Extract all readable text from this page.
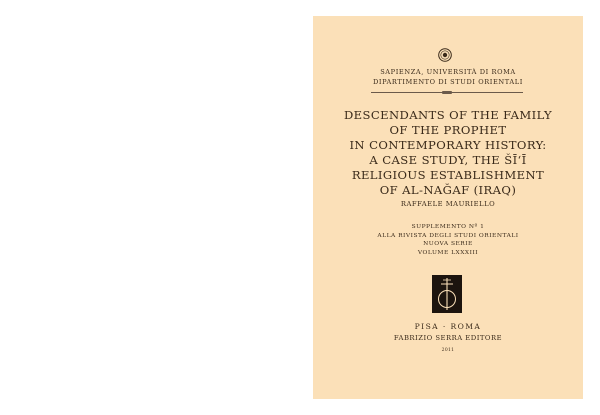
SAPIENZA, UNIVERSITÀ DI ROMA
DIPARTIMENTO DI STUDI ORIENTALI
DESCENDANTS OF THE FAMILY
OF THE PROPHET
IN CONTEMPORARY HISTORY:
A CASE STUDY, THE ŠĪ‘Ī
RELIGIOUS ESTABLISHMENT
OF AL-NAĞAF (IRAQ)
RAFFAELE MAURIELLO
SUPPLEMENTO Nº 1
ALLA RIVISTA DEGLI STUDI ORIENTALI
NUOVA SERIE
VOLUME LXXXIII
PISA · ROMA
FABRIZIO SERRA EDITORE
2011
